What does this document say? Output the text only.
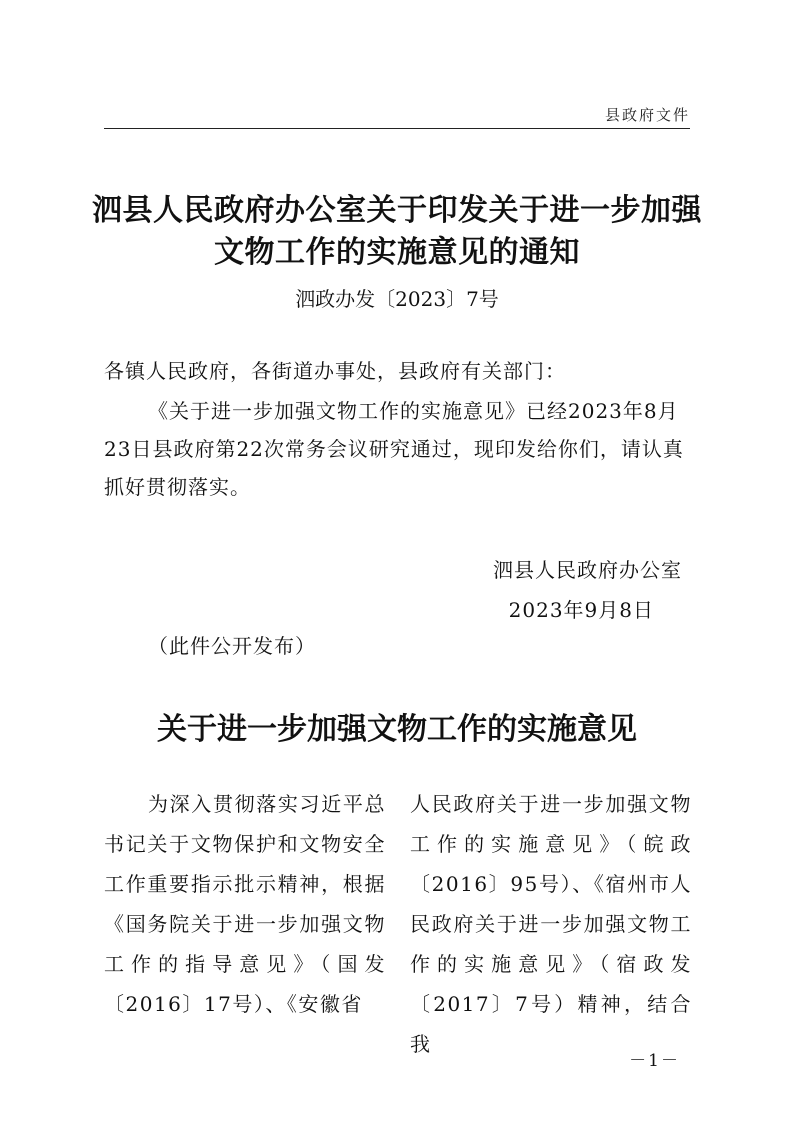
县政府文件
泗县人民政府办公室关于印发关于进一步加强文物工作的实施意见的通知
泗政办发〔2023〕7号
各镇人民政府，各街道办事处，县政府有关部门：
《关于进一步加强文物工作的实施意见》已经2023年8月23日县政府第22次常务会议研究通过，现印发给你们，请认真抓好贯彻落实。
泗县人民政府办公室
2023年9月8日
（此件公开发布）
关于进一步加强文物工作的实施意见
为深入贯彻落实习近平总书记关于文物保护和文物安全工作重要指示批示精神，根据《国务院关于进一步加强文物工作的指导意见》（国发〔2016〕17号）、《安徽省
人民政府关于进一步加强文物工作的实施意见》（皖政〔2016〕95号）、《宿州市人民政府关于进一步加强文物工作的实施意见》（宿政发〔2017〕7号）精神，结合我
－1－
